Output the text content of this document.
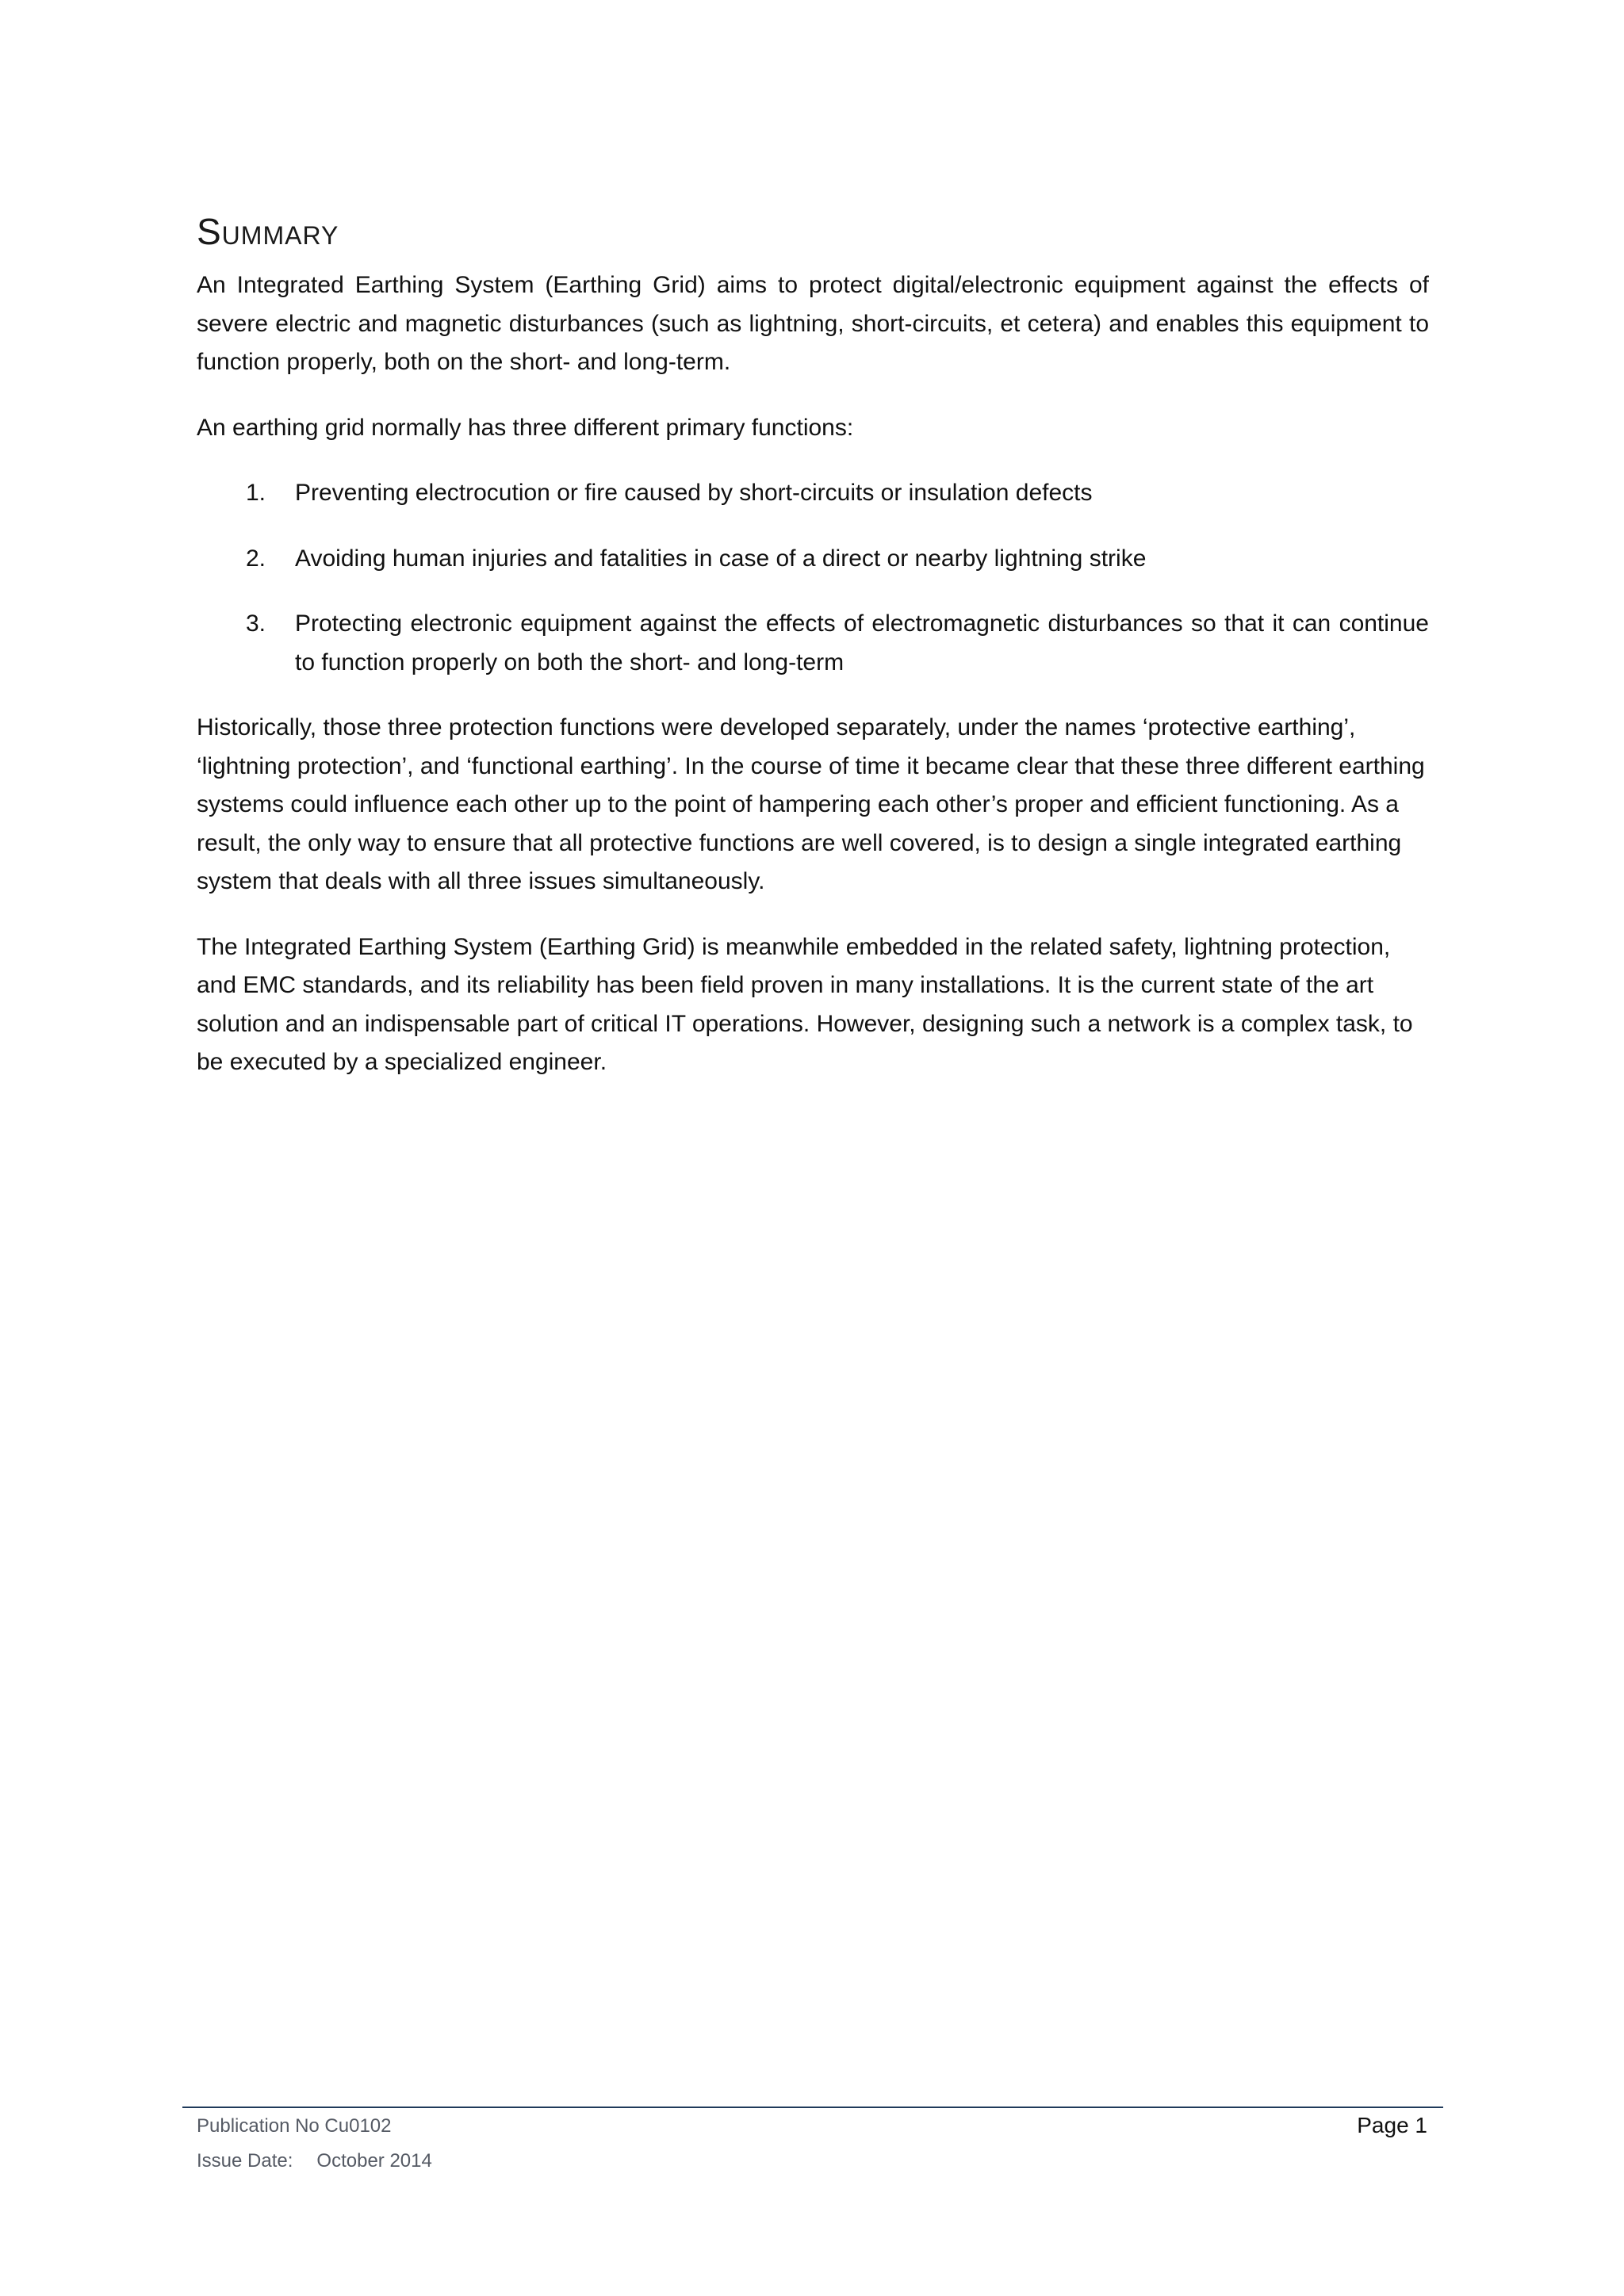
Summary

An Integrated Earthing System (Earthing Grid) aims to protect digital/electronic equipment against the effects of severe electric and magnetic disturbances (such as lightning, short-circuits, et cetera) and enables this equipment to function properly, both on the short- and long-term.

An earthing grid normally has three different primary functions:

1. Preventing electrocution or fire caused by short-circuits or insulation defects
2. Avoiding human injuries and fatalities in case of a direct or nearby lightning strike
3. Protecting electronic equipment against the effects of electromagnetic disturbances so that it can continue to function properly on both the short- and long-term

Historically, those three protection functions were developed separately, under the names ‘protective earthing’, ‘lightning protection’, and ‘functional earthing’. In the course of time it became clear that these three different earthing systems could influence each other up to the point of hampering each other’s proper and efficient functioning. As a result, the only way to ensure that all protective functions are well covered, is to design a single integrated earthing system that deals with all three issues simultaneously.

The Integrated Earthing System (Earthing Grid) is meanwhile embedded in the related safety, lightning protection, and EMC standards, and its reliability has been field proven in many installations. It is the current state of the art solution and an indispensable part of critical IT operations. However, designing such a network is a complex task, to be executed by a specialized engineer.

Publication No Cu0102	Page 1
Issue Date: October 2014
